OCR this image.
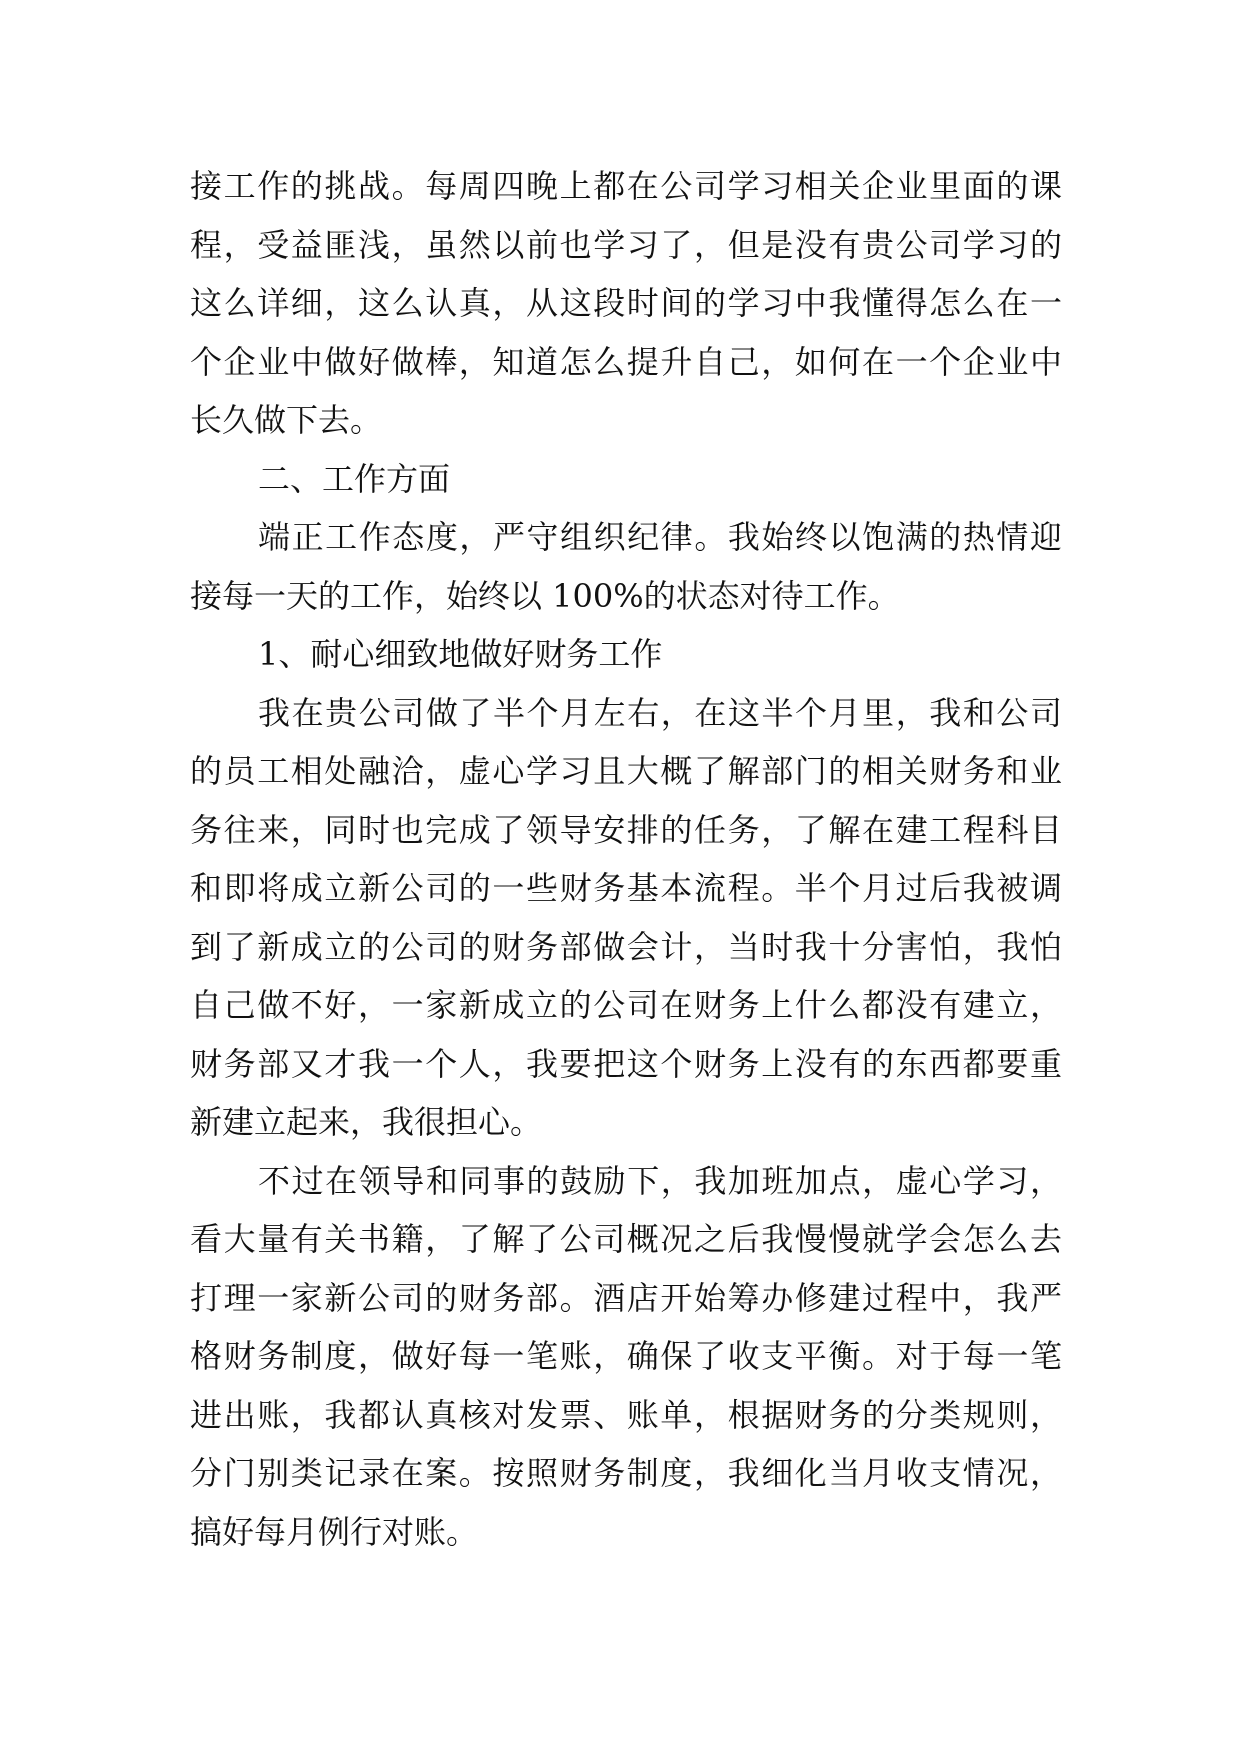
接工作的挑战。每周四晚上都在公司学习相关企业里面的课
程，受益匪浅，虽然以前也学习了，但是没有贵公司学习的
这么详细，这么认真，从这段时间的学习中我懂得怎么在一
个企业中做好做棒，知道怎么提升自己，如何在一个企业中
长久做下去。
二、工作方面
端正工作态度，严守组织纪律。我始终以饱满的热情迎
接每一天的工作，始终以 100%的状态对待工作。
1、耐心细致地做好财务工作
我在贵公司做了半个月左右，在这半个月里，我和公司
的员工相处融洽，虚心学习且大概了解部门的相关财务和业
务往来，同时也完成了领导安排的任务，了解在建工程科目
和即将成立新公司的一些财务基本流程。半个月过后我被调
到了新成立的公司的财务部做会计，当时我十分害怕，我怕
自己做不好，一家新成立的公司在财务上什么都没有建立，
财务部又才我一个人，我要把这个财务上没有的东西都要重
新建立起来，我很担心。
不过在领导和同事的鼓励下，我加班加点，虚心学习，
看大量有关书籍，了解了公司概况之后我慢慢就学会怎么去
打理一家新公司的财务部。酒店开始筹办修建过程中，我严
格财务制度，做好每一笔账，确保了收支平衡。对于每一笔
进出账，我都认真核对发票、账单，根据财务的分类规则，
分门别类记录在案。按照财务制度，我细化当月收支情况，
搞好每月例行对账。
